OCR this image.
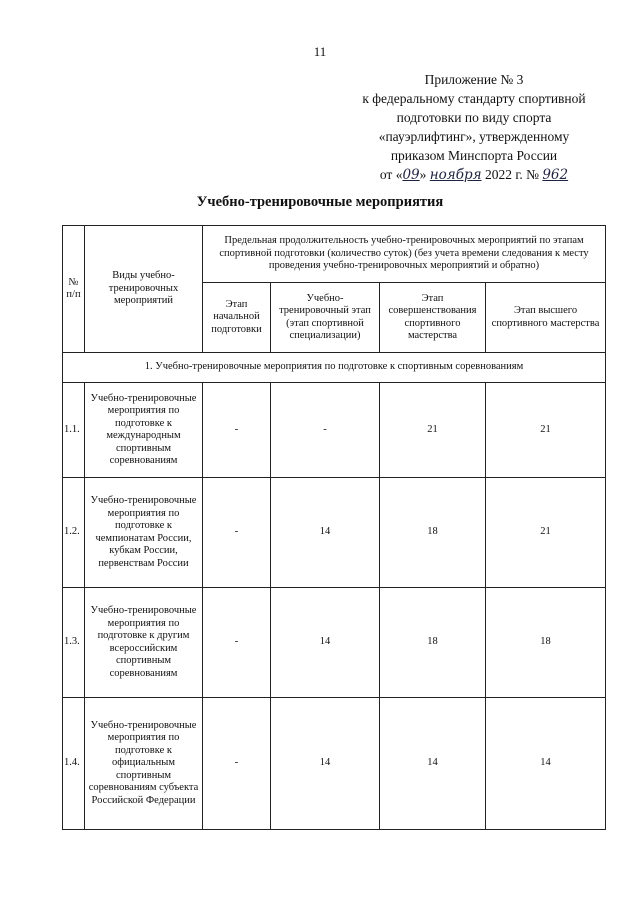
11
Приложение № 3
к федеральному стандарту спортивной
подготовки по виду спорта
«пауэрлифтинг», утвержденному
приказом Минспорта России
от «09» ноября 2022 г. № 962
Учебно-тренировочные мероприятия
№ п/п	Виды учебно-тренировочных мероприятий	Предельная продолжительность учебно-тренировочных мероприятий по этапам спортивной подготовки (количество суток) (без учета времени следования к месту проведения учебно-тренировочных мероприятий и обратно)			
		Этап начальной подготовки	Учебно-тренировочный этап (этап спортивной специализации)	Этап совершенствования спортивного мастерства	Этап высшего спортивного мастерства
1. Учебно-тренировочные мероприятия по подготовке к спортивным соревнованиям					
1.1.	Учебно-тренировочные мероприятия по подготовке к международным спортивным соревнованиям	-	-	21	21
1.2.	Учебно-тренировочные мероприятия по подготовке к чемпионатам России, кубкам России, первенствам России	-	14	18	21
1.3.	Учебно-тренировочные мероприятия по подготовке к другим всероссийским спортивным соревнованиям	-	14	18	18
1.4.	Учебно-тренировочные мероприятия по подготовке к официальным спортивным соревнованиям субъекта Российской Федерации	-	14	14	14
